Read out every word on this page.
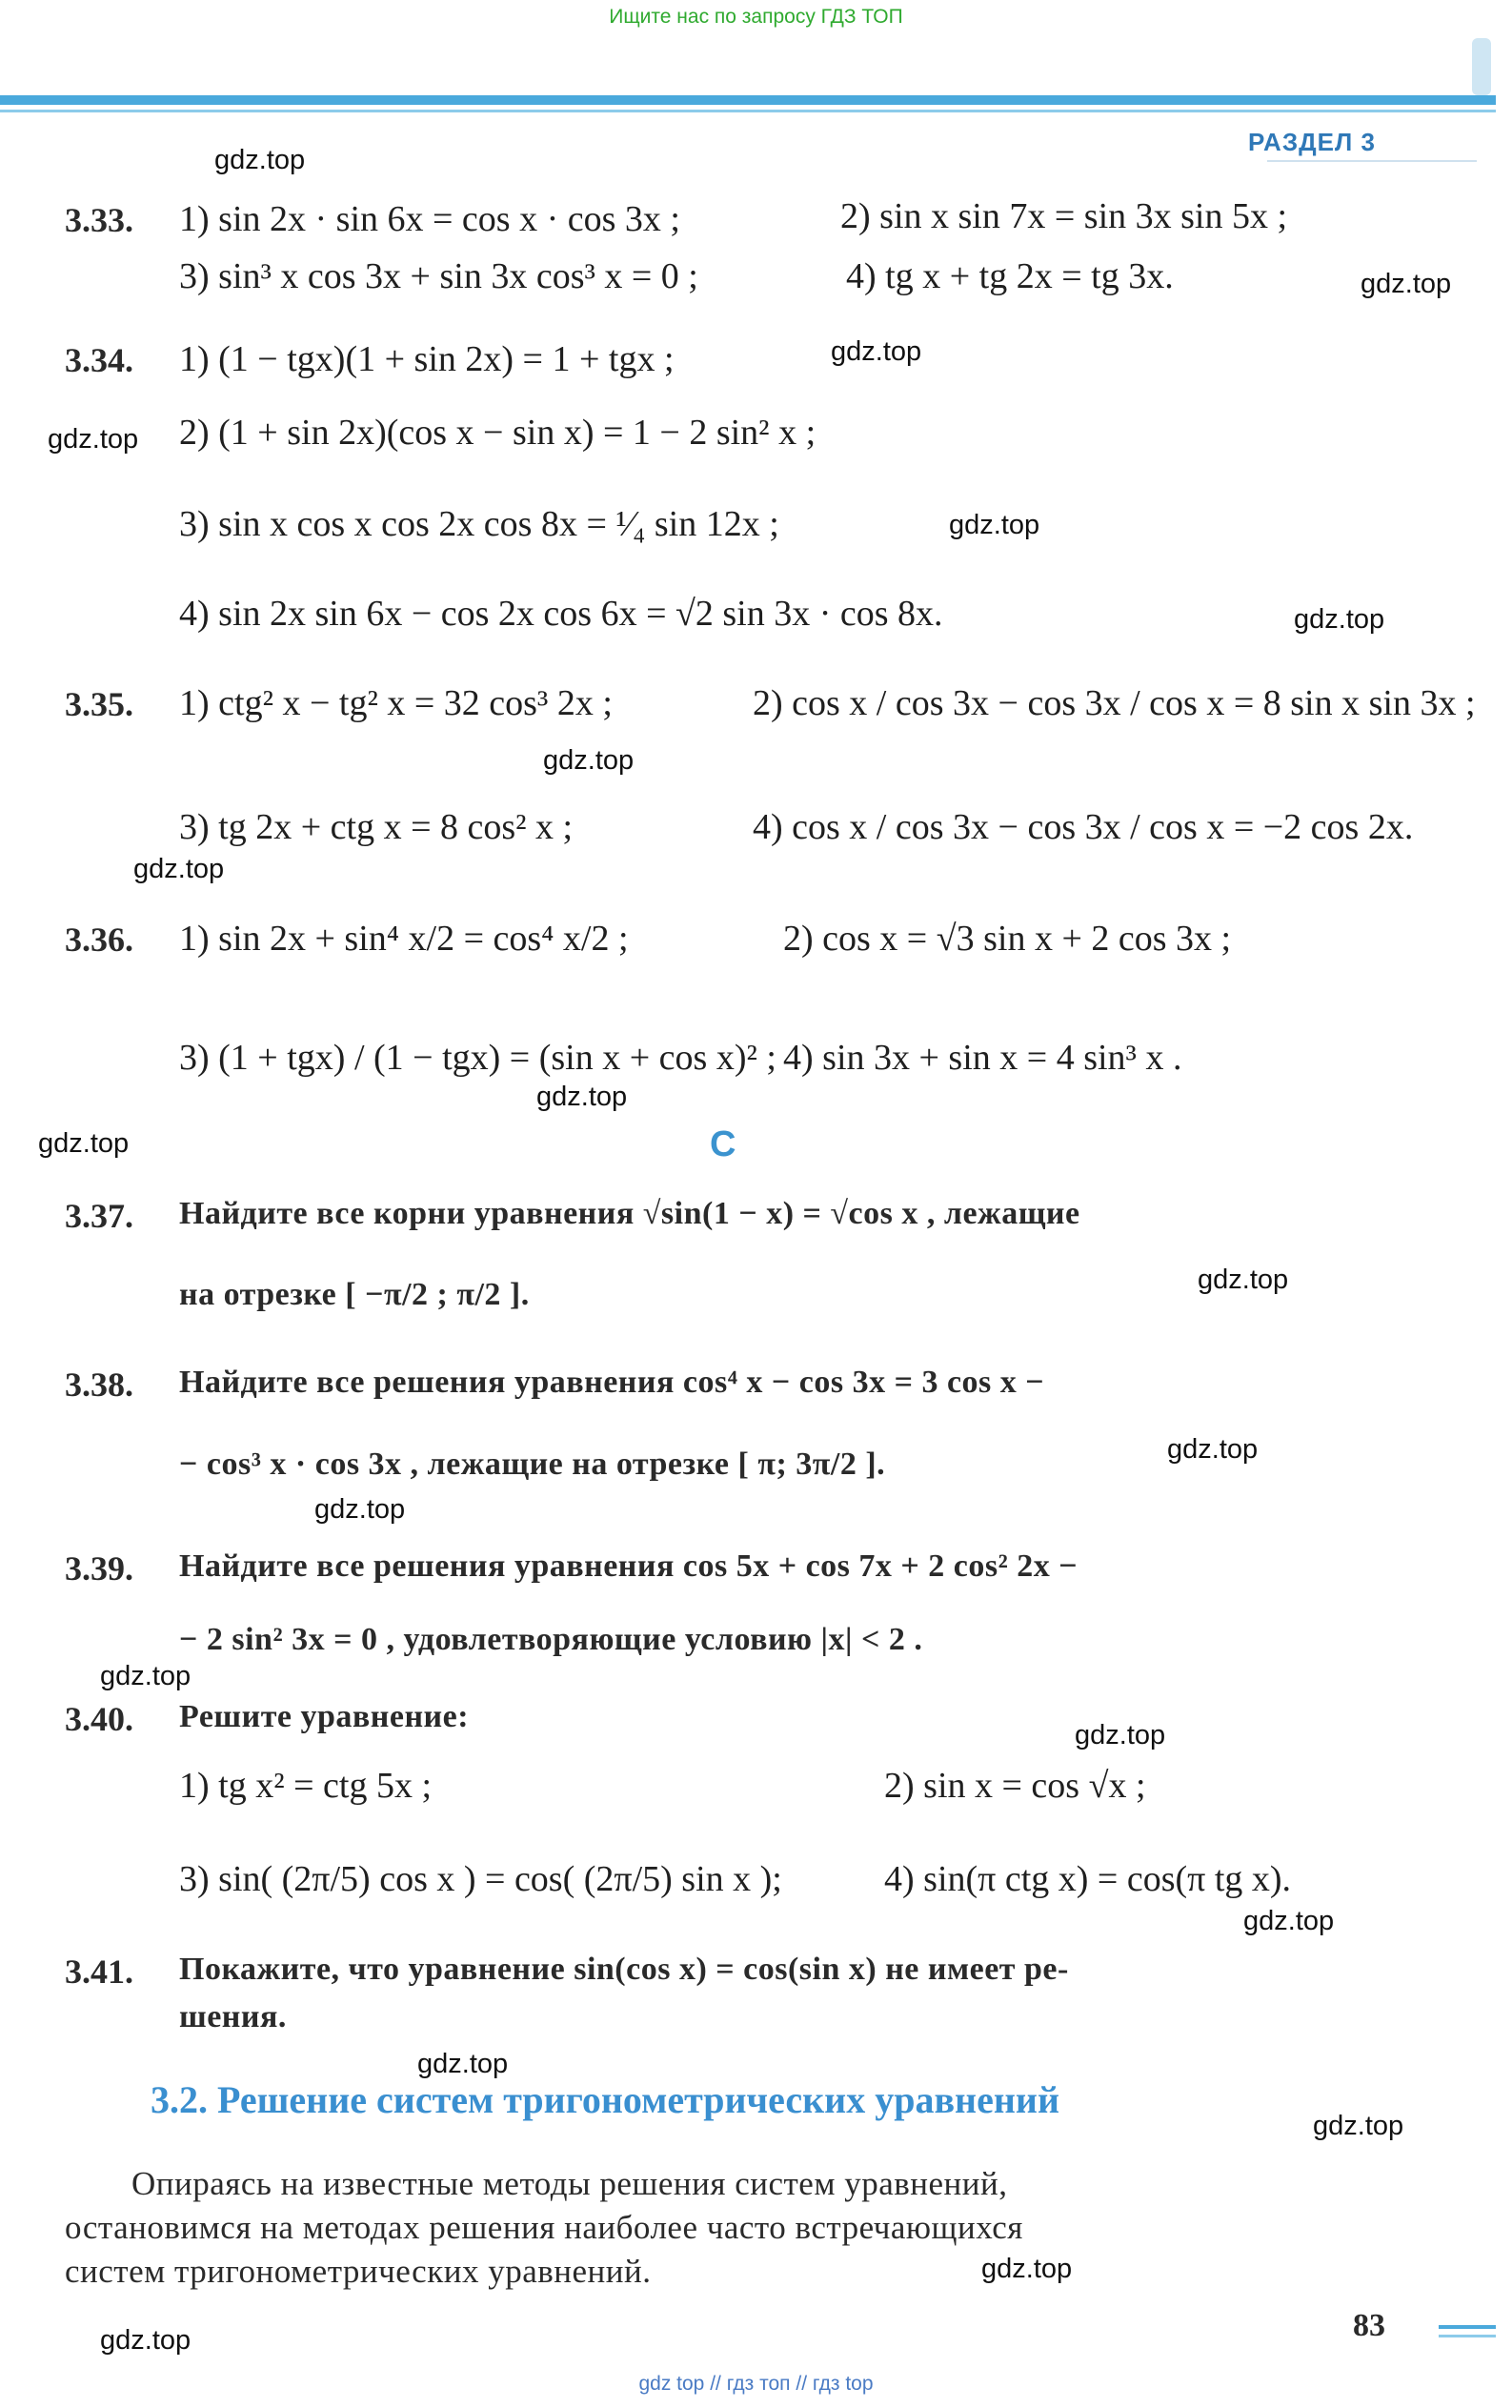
Ищите нас по запросу ГДЗ ТОП
РАЗДЕЛ 3
gdz.top
gdz.top
gdz.top
gdz.top
gdz.top
gdz.top
gdz.top
gdz.top
gdz.top
gdz.top
gdz.top
gdz.top
gdz.top
gdz.top
gdz.top
gdz.top
gdz.top
gdz.top
gdz.top
gdz.top
3.33. 1) sin 2x · sin 6x = cos x · cos 3x ;	2) sin x sin 7x = sin 3x sin 5x ;
3) sin³ x cos 3x + sin 3x cos³ x = 0 ;	4) tg x + tg 2x = tg 3x.
3.34. 1) (1 − tgx)(1 + sin 2x) = 1 + tgx ;
2) (1 + sin 2x)(cos x − sin x) = 1 − 2 sin² x ;
3) sin x cos x cos 2x cos 8x = ¹⁄₄ sin 12x ;
4) sin 2x sin 6x − cos 2x cos 6x = √2 sin 3x · cos 8x.
3.35. 1) ctg² x − tg² x = 32 cos³ 2x ;	2) cos x / cos 3x − cos 3x / cos x = 8 sin x sin 3x ;
3) tg 2x + ctg x = 8 cos² x ;	4) cos x / cos 3x − cos 3x / cos x = −2 cos 2x.
3.36. 1) sin 2x + sin⁴ x/2 = cos⁴ x/2 ;	2) cos x = √3 sin x + 2 cos 3x ;
3) (1 + tgx) / (1 − tgx) = (sin x + cos x)² ; 4) sin 3x + sin x = 4 sin³ x .
C
3.37. Найдите все корни уравнения √sin(1 − x) = √cos x , лежащие
на отрезке [ −π/2 ; π/2 ].
3.38. Найдите все решения уравнения cos⁴ x − cos 3x = 3 cos x −
− cos³ x · cos 3x , лежащие на отрезке [ π; 3π/2 ].
3.39. Найдите все решения уравнения cos 5x + cos 7x + 2 cos² 2x −
− 2 sin² 3x = 0 , удовлетворяющие условию |x| < 2 .
3.40. Решите уравнение:
1) tg x² = ctg 5x ;	2) sin x = cos √x ;
3) sin( (2π/5) cos x ) = cos( (2π/5) sin x );	4) sin(π ctg x) = cos(π tg x).
3.41. Покажите, что уравнение sin(cos x) = cos(sin x) не имеет ре-
шения.
3.2. Решение систем тригонометрических уравнений
Опираясь на известные методы решения систем уравнений,
остановимся на методах решения наиболее часто встречающихся
систем тригонометрических уравнений.
83
gdz top // гдз топ // гдз top
